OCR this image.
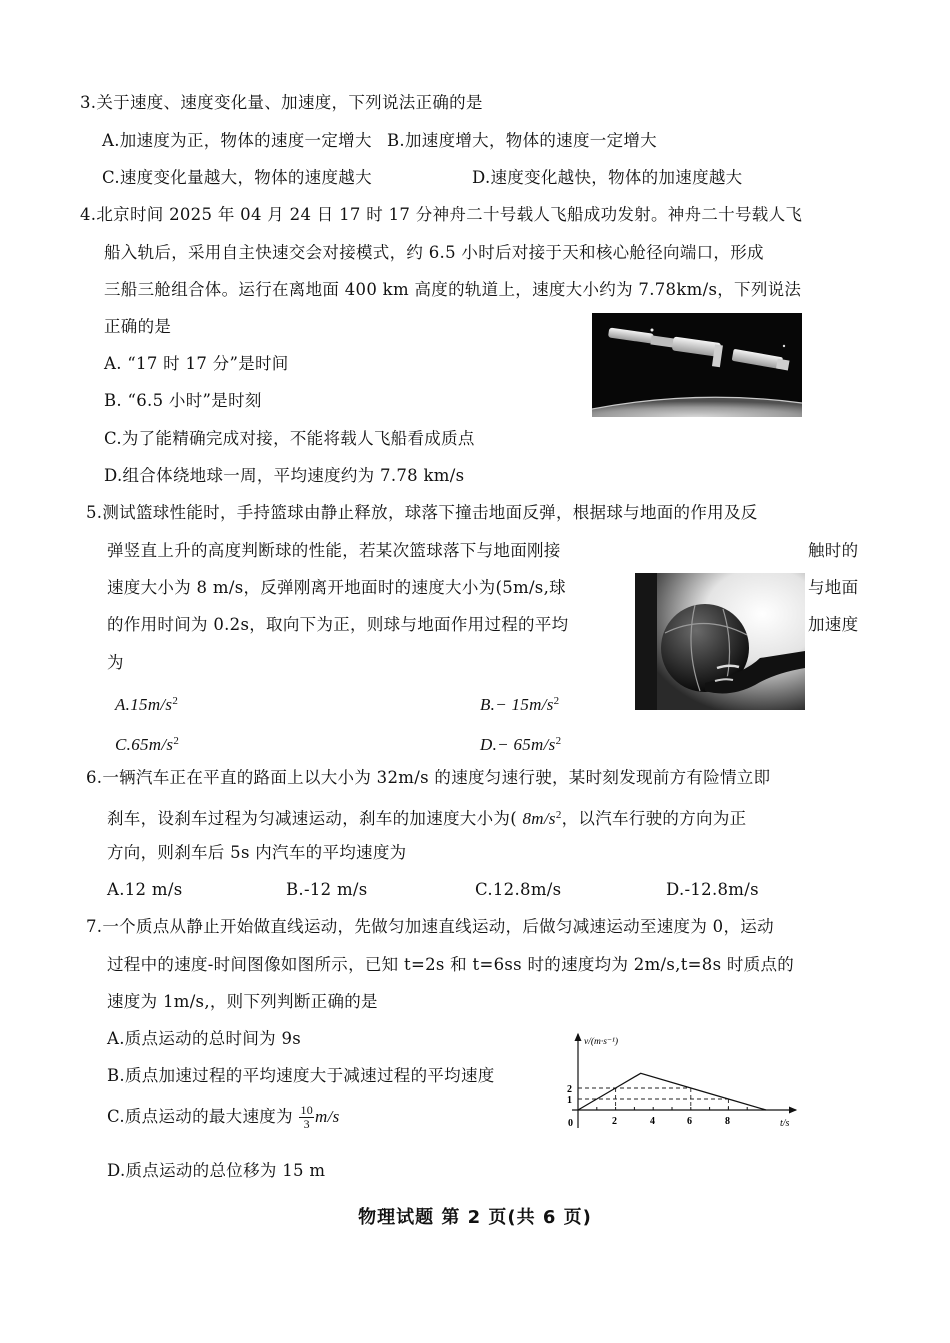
3.关于速度、速度变化量、加速度，下列说法正确的是
A.加速度为正，物体的速度一定增大 B.加速度增大，物体的速度一定增大
C.速度变化量越大，物体的速度越大	D.速度变化越快，物体的加速度越大
4.北京时间 2025 年 04 月 24 日 17 时 17 分神舟二十号载人飞船成功发射。神舟二十号载人飞
船入轨后，采用自主快速交会对接模式，约 6.5 小时后对接于天和核心舱径向端口，形成
三船三舱组合体。运行在离地面 400 km 高度的轨道上，速度大小约为 7.78km/s，下列说法
正确的是
A. “17 时 17 分”是时间
B. “6.5 小时”是时刻
C.为了能精确完成对接，不能将载人飞船看成质点
D.组合体绕地球一周，平均速度约为 7.78 km/s
5.测试篮球性能时，手持篮球由静止释放，球落下撞击地面反弹，根据球与地面的作用及反
弹竖直上升的高度判断球的性能，若某次篮球落下与地面刚接	触时的
速度大小为 8 m/s，反弹刚离开地面时的速度大小为(5m/s,球	与地面
的作用时间为 0.2s，取向下为正，则球与地面作用过程的平均	加速度
为
$A.15m/s^2$	$B.- 15m/s^2$
$C.65m/s^2$	$D.- 65m/s^2$
6.一辆汽车正在平直的路面上以大小为 32m/s 的速度匀速行驶，某时刻发现前方有险情立即
刹车，设刹车过程为匀减速运动，刹车的加速度大小为( $8m/s^2$，以汽车行驶的方向为正
方向，则刹车后 5s 内汽车的平均速度为
A.12 m/s	B.-12 m/s	C.12.8m/s	D.-12.8m/s
7.一个质点从静止开始做直线运动，先做匀加速直线运动，后做匀减速运动至速度为 0，运动
过程中的速度-时间图像如图所示，已知 t=2s 和 t=6ss 时的速度均为 2m/s,t=8s 时质点的
速度为 1m/s,，则下列判断正确的是
A.质点运动的总时间为 9s
B.质点加速过程的平均速度大于减速过程的平均速度
C.质点运动的最大速度为 $\frac{10}{3} m/s$
D.质点运动的总位移为 15 m
v/(m·s⁻¹)
t/s
0	2	4	6	8
1
2
物理试题 第 2 页(共 6 页)
